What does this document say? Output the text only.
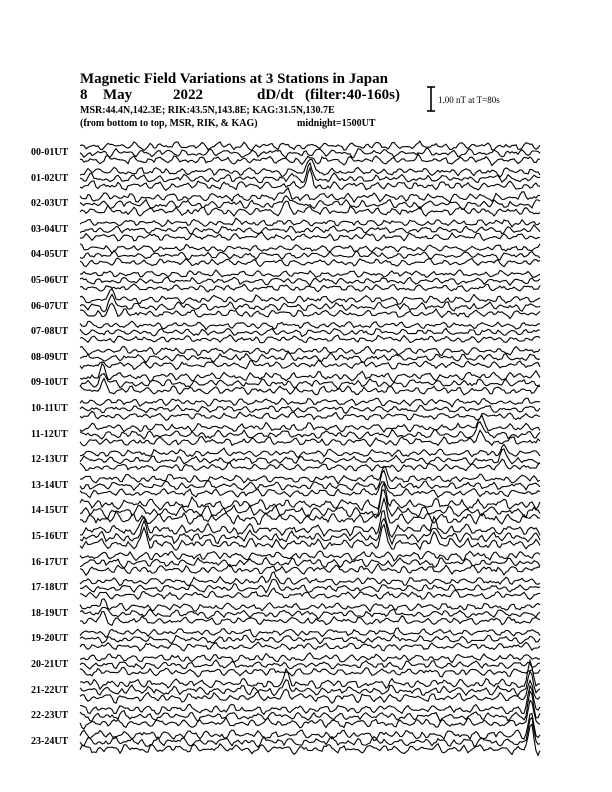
Magnetic Field Variations at 3 Stations in Japan
8 May	2022	dD/dt (filter:40-160s)
MSR:44.4N,142.3E; RIK:43.5N,143.8E; KAG:31.5N,130.7E
(from bottom to top, MSR, RIK, & KAG)	midnight=1500UT
1.00 nT at T=80s
00-01UT
01-02UT
02-03UT
03-04UT
04-05UT
05-06UT
06-07UT
07-08UT
08-09UT
09-10UT
10-11UT
11-12UT
12-13UT
13-14UT
14-15UT
15-16UT
16-17UT
17-18UT
18-19UT
19-20UT
20-21UT
21-22UT
22-23UT
23-24UT
